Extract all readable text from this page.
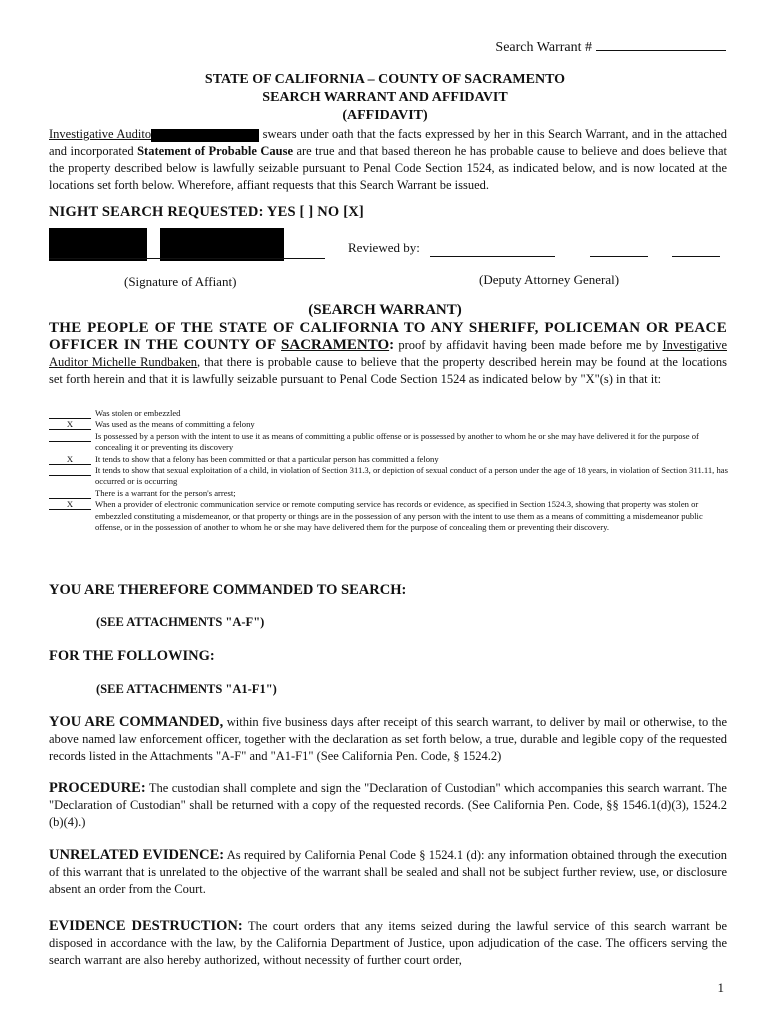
Search Warrant #
STATE OF CALIFORNIA – COUNTY OF SACRAMENTO
SEARCH WARRANT AND AFFIDAVIT
(AFFIDAVIT)
Investigative Audito	swears under oath that the facts expressed by her in this Search Warrant, and in the attached and incorporated Statement of Probable Cause are true and that based thereon he has probable cause to believe and does believe that the property described below is lawfully seizable pursuant to Penal Code Section 1524, as indicated below, and is now located at the locations set forth below. Wherefore, affiant requests that this Search Warrant be issued.
NIGHT SEARCH REQUESTED: YES [ ] NO [X]
Reviewed by:
(Signature of Affiant)	(Deputy Attorney General)
(SEARCH WARRANT)
THE PEOPLE OF THE STATE OF CALIFORNIA TO ANY SHERIFF, POLICEMAN OR PEACE OFFICER IN THE COUNTY OF SACRAMENTO: proof by affidavit having been made before me by Investigative Auditor Michelle Rundbaken, that there is probable cause to believe that the property described herein may be found at the locations set forth herein and that it is lawfully seizable pursuant to Penal Code Section 1524 as indicated below by "X"(s) in that it:
Was stolen or embezzled
X	Was used as the means of committing a felony
Is possessed by a person with the intent to use it as means of committing a public offense or is possessed by another to whom he or she may have delivered it for the purpose of concealing it or preventing its discovery
X	It tends to show that a felony has been committed or that a particular person has committed a felony
It tends to show that sexual exploitation of a child, in violation of Section 311.3, or depiction of sexual conduct of a person under the age of 18 years, in violation of Section 311.11, has occurred or is occurring
There is a warrant for the person's arrest;
X	When a provider of electronic communication service or remote computing service has records or evidence, as specified in Section 1524.3, showing that property was stolen or embezzled constituting a misdemeanor, or that property or things are in the possession of any person with the intent to use them as a means of committing a misdemeanor public offense, or in the possession of another to whom he or she may have delivered them for the purpose of concealing them or preventing their discovery.
YOU ARE THEREFORE COMMANDED TO SEARCH:
(SEE ATTACHMENTS "A-F")
FOR THE FOLLOWING:
(SEE ATTACHMENTS "A1-F1")
YOU ARE COMMANDED, within five business days after receipt of this search warrant, to deliver by mail or otherwise, to the above named law enforcement officer, together with the declaration as set forth below, a true, durable and legible copy of the requested records listed in the Attachments "A-F" and "A1-F1" (See California Pen. Code, § 1524.2)
PROCEDURE: The custodian shall complete and sign the "Declaration of Custodian" which accompanies this search warrant. The "Declaration of Custodian" shall be returned with a copy of the requested records. (See California Pen. Code, §§ 1546.1(d)(3), 1524.2 (b)(4).)
UNRELATED EVIDENCE: As required by California Penal Code § 1524.1 (d): any information obtained through the execution of this warrant that is unrelated to the objective of the warrant shall be sealed and shall not be subject further review, use, or disclosure absent an order from the Court.
EVIDENCE DESTRUCTION: The court orders that any items seized during the lawful service of this search warrant be disposed in accordance with the law, by the California Department of Justice, upon adjudication of the case. The officers serving the search warrant are also hereby authorized, without necessity of further court order,
1
